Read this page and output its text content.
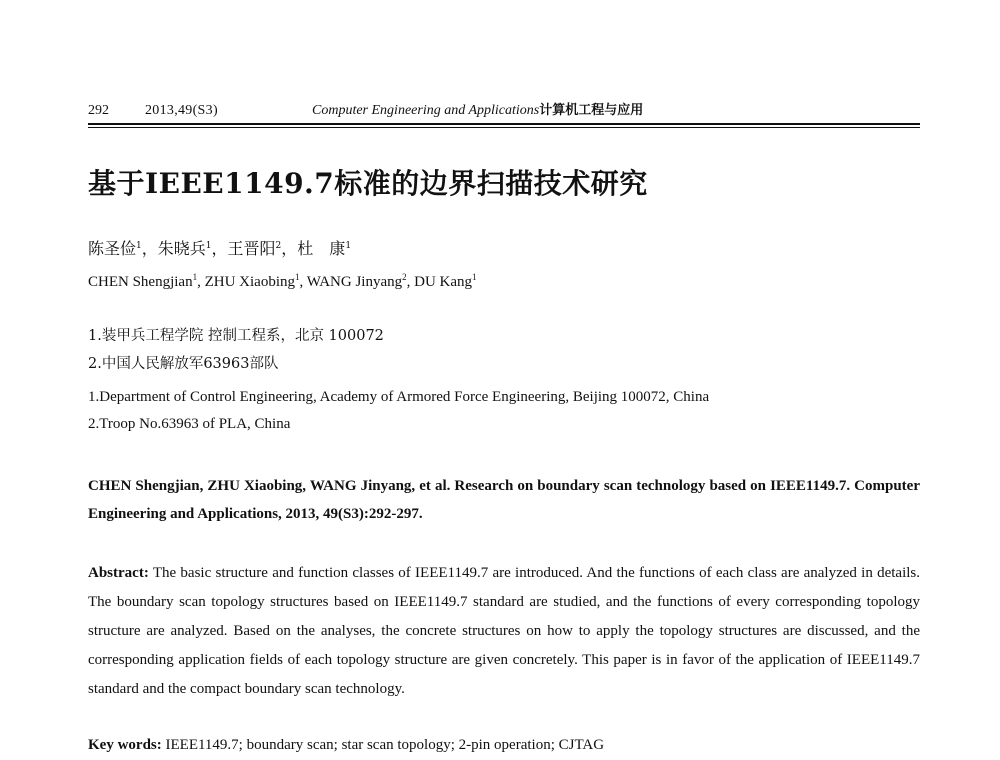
292	2013,49(S3)	Computer Engineering and Applications计算机工程与应用
基于IEEE1149.7标准的边界扫描技术研究
陈圣俭$^1$，朱晓兵$^1$，王晋阳$^2$，杜　康$^1$
CHEN Shengjian$^1$, ZHU Xiaobing$^1$, WANG Jinyang$^2$, DU Kang$^1$
1.装甲兵工程学院 控制工程系，北京 100072
2.中国人民解放军63963部队
1.Department of Control Engineering, Academy of Armored Force Engineering, Beijing 100072, China
2.Troop No.63963 of PLA, China
CHEN Shengjian, ZHU Xiaobing, WANG Jinyang, et al. Research on boundary scan technology based on IEEE1149.7. Computer Engineering and Applications, 2013, 49(S3):292-297.
Abstract: The basic structure and function classes of IEEE1149.7 are introduced. And the functions of each class are analyzed in details. The boundary scan topology structures based on IEEE1149.7 standard are studied, and the functions of every corresponding topology structure are analyzed. Based on the analyses, the concrete structures on how to apply the topology structures are discussed, and the corresponding application fields of each topology structure are given concretely. This paper is in favor of the application of IEEE1149.7 standard and the compact boundary scan technology.
Key words: IEEE1149.7; boundary scan; star scan topology; 2-pin operation; CJTAG
